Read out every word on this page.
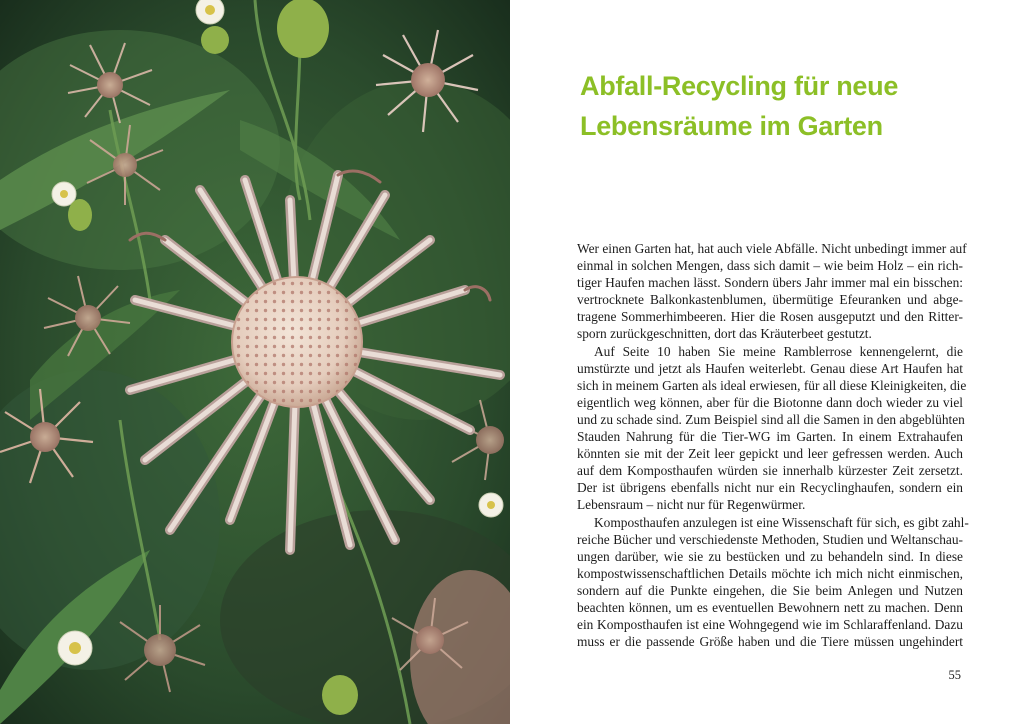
Abfall-Recycling für neue
Lebensräume im Garten
Wer einen Garten hat, hat auch viele Abfälle. Nicht unbedingt immer auf
einmal in solchen Mengen, dass sich damit – wie beim Holz – ein rich-
tiger Haufen machen lässt. Sondern übers Jahr immer mal ein bisschen:
vertrocknete Balkonkastenblumen, übermütige Efeuranken und abge-
tragene Sommerhimbeeren. Hier die Rosen ausgeputzt und den Ritter-
sporn zurückgeschnitten, dort das Kräuterbeet gestutzt.
Auf Seite 10 haben Sie meine Ramblerrose kennengelernt, die
umstürzte und jetzt als Haufen weiterlebt. Genau diese Art Haufen hat
sich in meinem Garten als ideal erwiesen, für all diese Kleinigkeiten, die
eigentlich weg können, aber für die Biotonne dann doch wieder zu viel
und zu schade sind. Zum Beispiel sind all die Samen in den abgeblühten
Stauden Nahrung für die Tier-WG im Garten. In einem Extrahaufen
könnten sie mit der Zeit leer gepickt und leer gefressen werden. Auch
auf dem Komposthaufen würden sie innerhalb kürzester Zeit zersetzt.
Der ist übrigens ebenfalls nicht nur ein Recyclinghaufen, sondern ein
Lebensraum – nicht nur für Regenwürmer.
Komposthaufen anzulegen ist eine Wissenschaft für sich, es gibt zahl-
reiche Bücher und verschiedenste Methoden, Studien und Weltanschau-
ungen darüber, wie sie zu bestücken und zu behandeln sind. In diese
kompostwissenschaftlichen Details möchte ich mich nicht einmischen,
sondern auf die Punkte eingehen, die Sie beim Anlegen und Nutzen
beachten können, um es eventuellen Bewohnern nett zu machen. Denn
ein Komposthaufen ist eine Wohngegend wie im Schlaraffenland. Dazu
muss er die passende Größe haben und die Tiere müssen ungehindert
55
